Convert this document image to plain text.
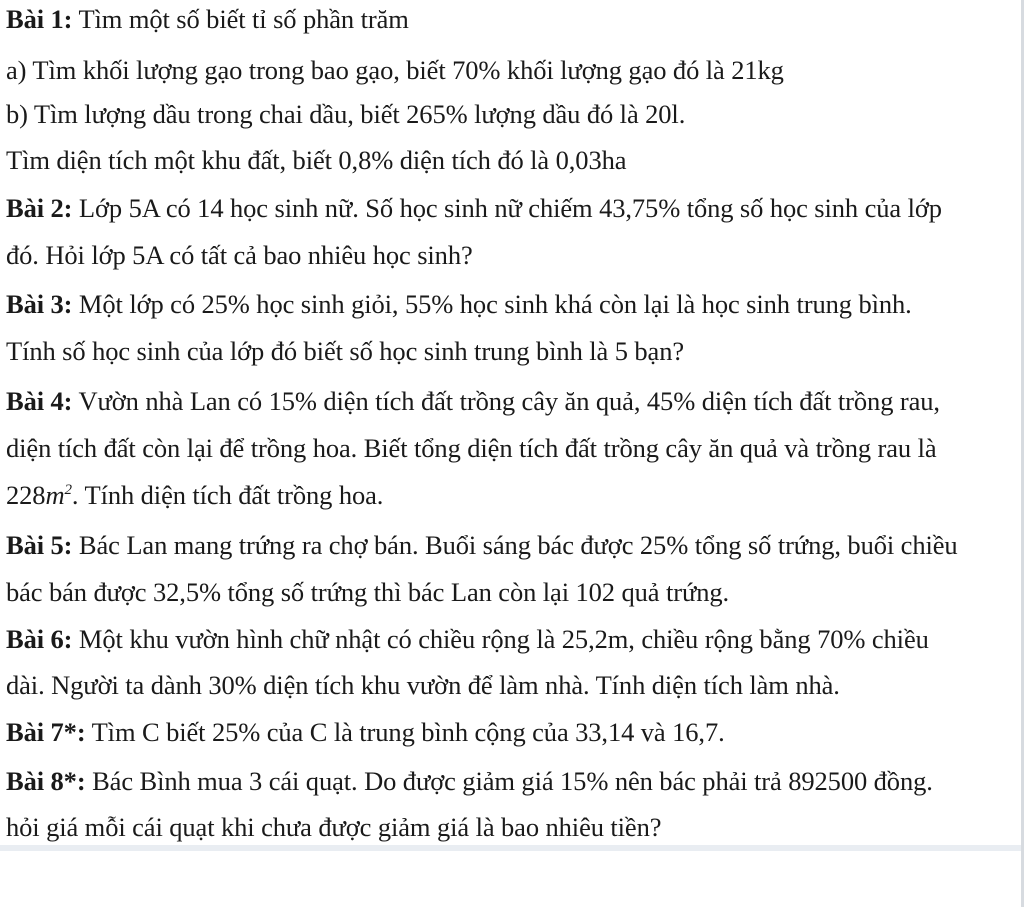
Bài 1: Tìm một số biết tỉ số phần trăm
a) Tìm khối lượng gạo trong bao gạo, biết 70% khối lượng gạo đó là 21kg
b) Tìm lượng dầu trong chai dầu, biết 265% lượng dầu đó là 20l.
Tìm diện tích một khu đất, biết 0,8% diện tích đó là 0,03ha
Bài 2: Lớp 5A có 14 học sinh nữ. Số học sinh nữ chiếm 43,75% tổng số học sinh của lớp
đó. Hỏi lớp 5A có tất cả bao nhiêu học sinh?
Bài 3: Một lớp có 25% học sinh giỏi, 55% học sinh khá còn lại là học sinh trung bình.
Tính số học sinh của lớp đó biết số học sinh trung bình là 5 bạn?
Bài 4: Vườn nhà Lan có 15% diện tích đất trồng cây ăn quả, 45% diện tích đất trồng rau,
diện tích đất còn lại để trồng hoa. Biết tổng diện tích đất trồng cây ăn quả và trồng rau là
$228m^2$. Tính diện tích đất trồng hoa.
Bài 5: Bác Lan mang trứng ra chợ bán. Buổi sáng bác được 25% tổng số trứng, buổi chiều
bác bán được 32,5% tổng số trứng thì bác Lan còn lại 102 quả trứng.
Bài 6: Một khu vườn hình chữ nhật có chiều rộng là 25,2m, chiều rộng bằng 70% chiều
dài. Người ta dành 30% diện tích khu vườn để làm nhà. Tính diện tích làm nhà.
Bài 7*: Tìm C biết 25% của C là trung bình cộng của 33,14 và 16,7.
Bài 8*: Bác Bình mua 3 cái quạt. Do được giảm giá 15% nên bác phải trả 892500 đồng.
hỏi giá mỗi cái quạt khi chưa được giảm giá là bao nhiêu tiền?
